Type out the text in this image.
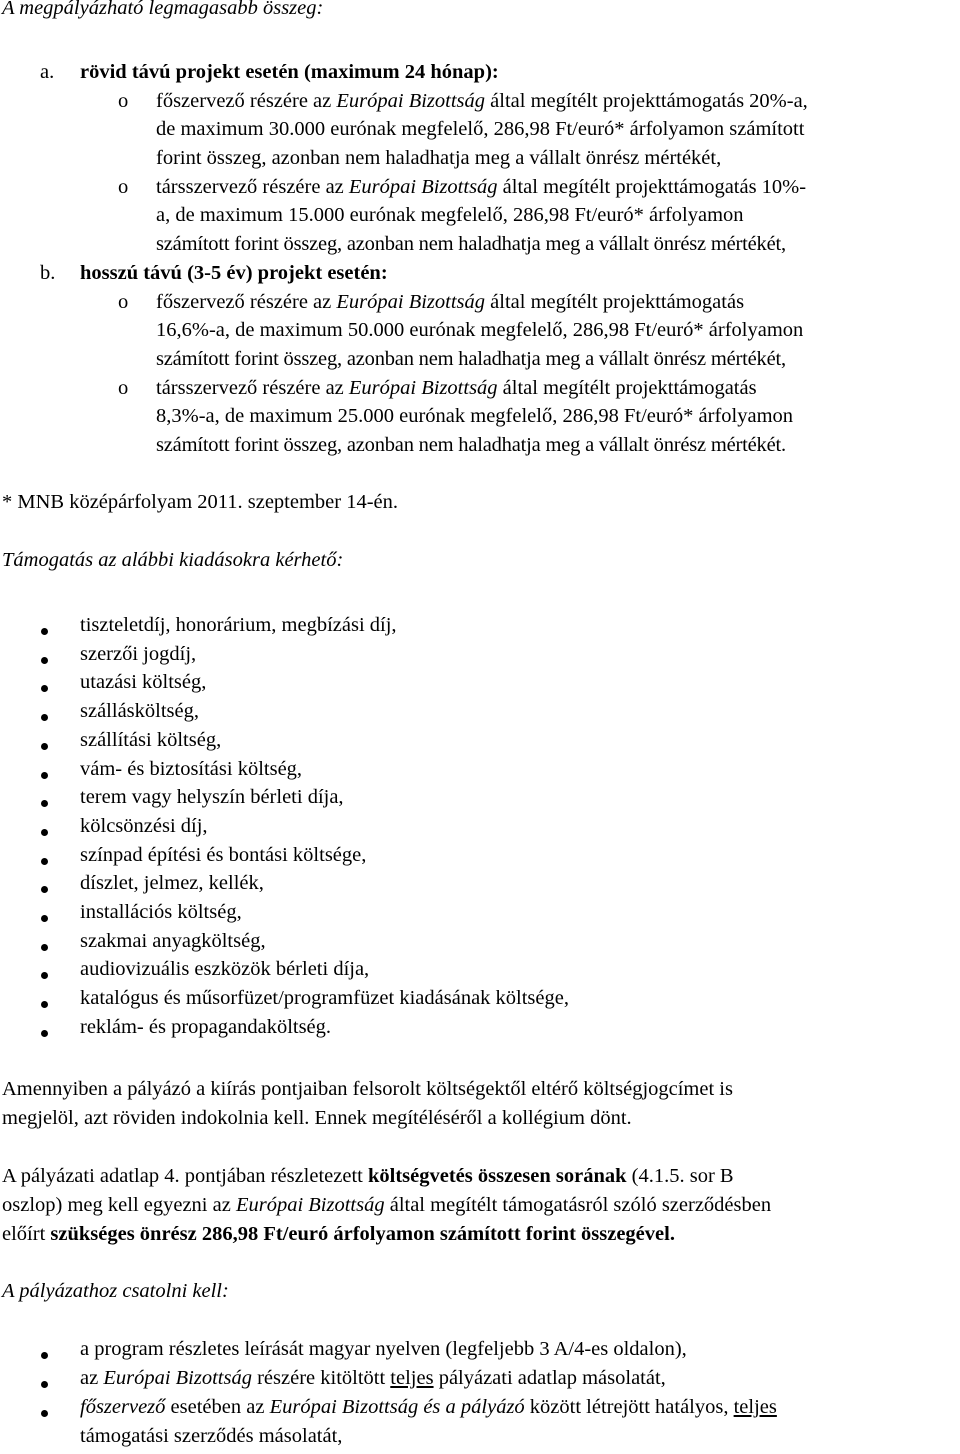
A megpályázható legmagasabb összeg:
a. rövid távú projekt esetén (maximum 24 hónap):
o főszervező részére az Európai Bizottság által megítélt projekttámogatás 20%-a,
de maximum 30.000 eurónak megfelelő, 286,98 Ft/euró* árfolyamon számított
forint összeg, azonban nem haladhatja meg a vállalt önrész mértékét,
o társszervező részére az Európai Bizottság által megítélt projekttámogatás 10%-
a, de maximum 15.000 eurónak megfelelő, 286,98 Ft/euró* árfolyamon
számított forint összeg, azonban nem haladhatja meg a vállalt önrész mértékét,
b. hosszú távú (3-5 év) projekt esetén:
o főszervező részére az Európai Bizottság által megítélt projekttámogatás
16,6%-a, de maximum 50.000 eurónak megfelelő, 286,98 Ft/euró* árfolyamon
számított forint összeg, azonban nem haladhatja meg a vállalt önrész mértékét,
o társszervező részére az Európai Bizottság által megítélt projekttámogatás
8,3%-a, de maximum 25.000 eurónak megfelelő, 286,98 Ft/euró* árfolyamon
számított forint összeg, azonban nem haladhatja meg a vállalt önrész mértékét.
* MNB középárfolyam 2011. szeptember 14-én.
Támogatás az alábbi kiadásokra kérhető:
tiszteletdíj, honorárium, megbízási díj,
szerzői jogdíj,
utazási költség,
szállásköltség,
szállítási költség,
vám- és biztosítási költség,
terem vagy helyszín bérleti díja,
kölcsönzési díj,
színpad építési és bontási költsége,
díszlet, jelmez, kellék,
installációs költség,
szakmai anyagköltség,
audiovizuális eszközök bérleti díja,
katalógus és műsorfüzet/programfüzet kiadásának költsége,
reklám- és propagandaköltség.
Amennyiben a pályázó a kiírás pontjaiban felsorolt költségektől eltérő költségjogcímet is
megjelöl, azt röviden indokolnia kell. Ennek megítéléséről a kollégium dönt.
A pályázati adatlap 4. pontjában részletezett költségvetés összesen sorának (4.1.5. sor B
oszlop) meg kell egyezni az Európai Bizottság által megítélt támogatásról szóló szerződésben
előírt szükséges önrész 286,98 Ft/euró árfolyamon számított forint összegével.
A pályázathoz csatolni kell:
a program részletes leírását magyar nyelven (legfeljebb 3 A/4-es oldalon),
az Európai Bizottság részére kitöltött teljes pályázati adatlap másolatát,
főszervező esetében az Európai Bizottság és a pályázó között létrejött hatályos, teljes
támogatási szerződés másolatát,
